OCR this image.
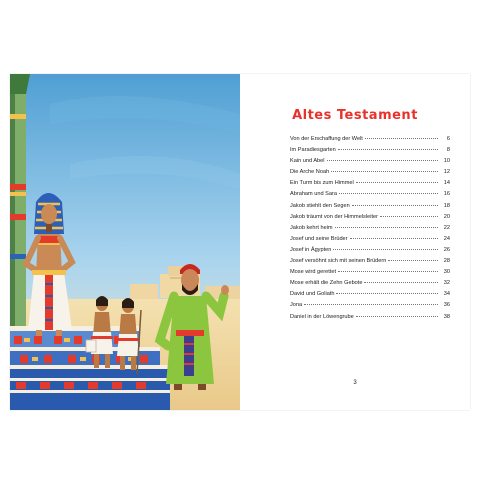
Altes Testament
Von der Erschaffung der Welt	6
Im Paradiesgarten	8
Kain und Abel	10
Die Arche Noah	12
Ein Turm bis zum Himmel	14
Abraham und Sara	16
Jakob stiehlt den Segen	18
Jakob träumt von der Himmelsleiter	20
Jakob kehrt heim	22
Josef und seine Brüder	24
Josef in Ägypten	26
Josef versöhnt sich mit seinen Brüdern	28
Mose wird gerettet	30
Mose erhält die Zehn Gebote	32
David und Goliath	34
Jona	36
Daniel in der Löwengrube	38
3
